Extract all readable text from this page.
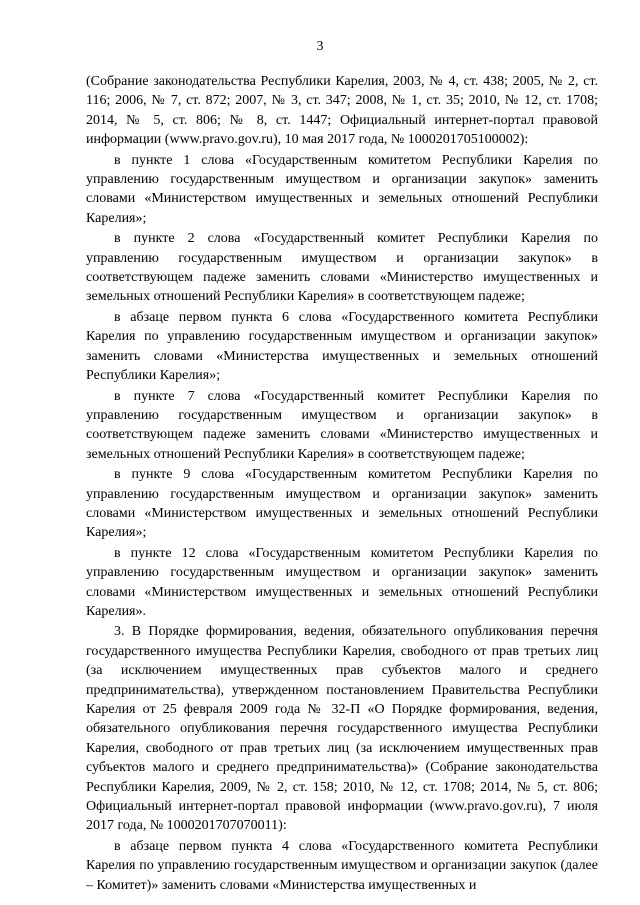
3

(Собрание законодательства Республики Карелия, 2003, № 4, ст. 438; 2005, № 2, ст. 116; 2006, № 7, ст. 872; 2007, № 3, ст. 347; 2008, № 1, ст. 35; 2010, № 12, ст. 1708; 2014, № 5, ст. 806; № 8, ст. 1447; Официальный интернет-портал правовой информации (www.pravo.gov.ru), 10 мая 2017 года, № 1000201705100002):

в пункте 1 слова «Государственным комитетом Республики Карелия по управлению государственным имуществом и организации закупок» заменить словами «Министерством имущественных и земельных отношений Республики Карелия»;

в пункте 2 слова «Государственный комитет Республики Карелия по управлению государственным имуществом и организации закупок» в соответствующем падеже заменить словами «Министерство имущественных и земельных отношений Республики Карелия» в соответствующем падеже;

в абзаце первом пункта 6 слова «Государственного комитета Республики Карелия по управлению государственным имуществом и организации закупок» заменить словами «Министерства имущественных и земельных отношений Республики Карелия»;

в пункте 7 слова «Государственный комитет Республики Карелия по управлению государственным имуществом и организации закупок» в соответствующем падеже заменить словами «Министерство имущественных и земельных отношений Республики Карелия» в соответствующем падеже;

в пункте 9 слова «Государственным комитетом Республики Карелия по управлению государственным имуществом и организации закупок» заменить словами «Министерством имущественных и земельных отношений Республики Карелия»;

в пункте 12 слова «Государственным комитетом Республики Карелия по управлению государственным имуществом и организации закупок» заменить словами «Министерством имущественных и земельных отношений Республики Карелия».

3. В Порядке формирования, ведения, обязательного опубликования перечня государственного имущества Республики Карелия, свободного от прав третьих лиц (за исключением имущественных прав субъектов малого и среднего предпринимательства), утвержденном постановлением Правительства Республики Карелия от 25 февраля 2009 года № 32-П «О Порядке формирования, ведения, обязательного опубликования перечня государственного имущества Республики Карелия, свободного от прав третьих лиц (за исключением имущественных прав субъектов малого и среднего предпринимательства)» (Собрание законодательства Республики Карелия, 2009, № 2, ст. 158; 2010, № 12, ст. 1708; 2014, № 5, ст. 806; Официальный интернет-портал правовой информации (www.pravo.gov.ru), 7 июля 2017 года, № 1000201707070011):

в абзаце первом пункта 4 слова «Государственного комитета Республики Карелия по управлению государственным имуществом и организации закупок (далее – Комитет)» заменить словами «Министерства имущественных и
